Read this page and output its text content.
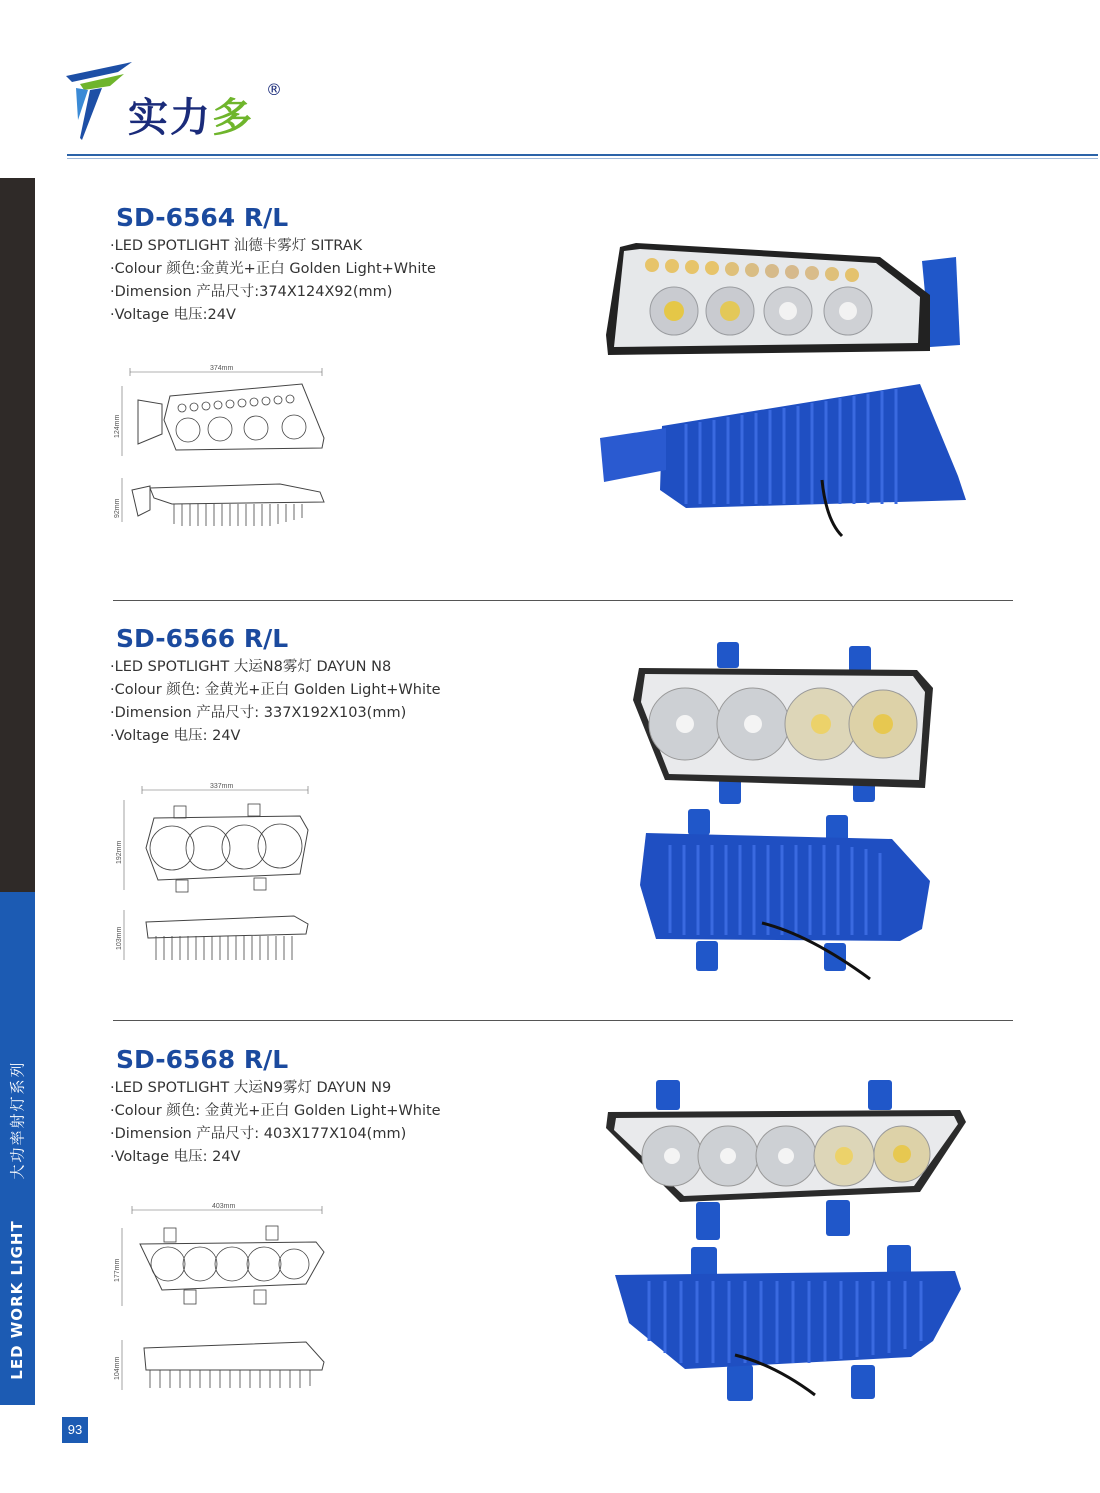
实力多
®
LED WORK LIGHT
大功率射灯系列
93
SD-6564 R/L
·LED SPOTLIGHT 汕德卡雾灯 SITRAK
·Colour 颜色:金黄光+正白 Golden Light+White
·Dimension 产品尺寸:374X124X92(mm)
·Voltage 电压:24V
374mm
124mm
92mm
SD-6566 R/L
·LED SPOTLIGHT 大运N8雾灯 DAYUN N8
·Colour 颜色: 金黄光+正白 Golden Light+White
·Dimension 产品尺寸: 337X192X103(mm)
·Voltage 电压: 24V
337mm
192mm
103mm
SD-6568 R/L
·LED SPOTLIGHT 大运N9雾灯 DAYUN N9
·Colour 颜色: 金黄光+正白 Golden Light+White
·Dimension 产品尺寸: 403X177X104(mm)
·Voltage 电压: 24V
403mm
177mm
104mm
